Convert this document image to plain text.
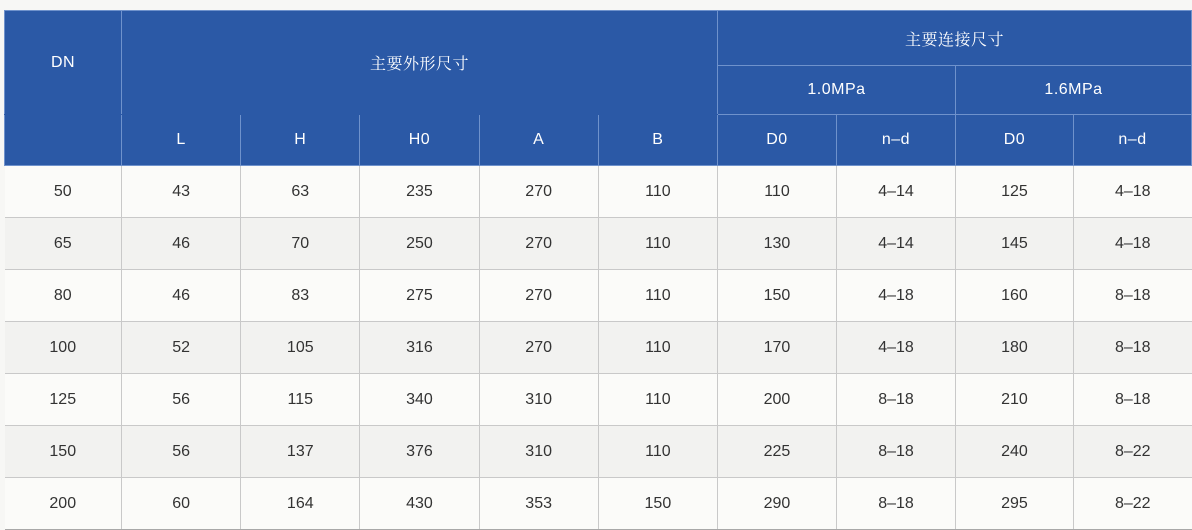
DN	主要外形尺寸					主要连接尺寸			
						1.0MPa		1.6MPa	
	L	H	H0	A	B	D0	n–d	D0	n–d
50	43	63	235	270	110	110	4–14	125	4–18
65	46	70	250	270	110	130	4–14	145	4–18
80	46	83	275	270	110	150	4–18	160	8–18
100	52	105	316	270	110	170	4–18	180	8–18
125	56	115	340	310	110	200	8–18	210	8–18
150	56	137	376	310	110	225	8–18	240	8–22
200	60	164	430	353	150	290	8–18	295	8–22
